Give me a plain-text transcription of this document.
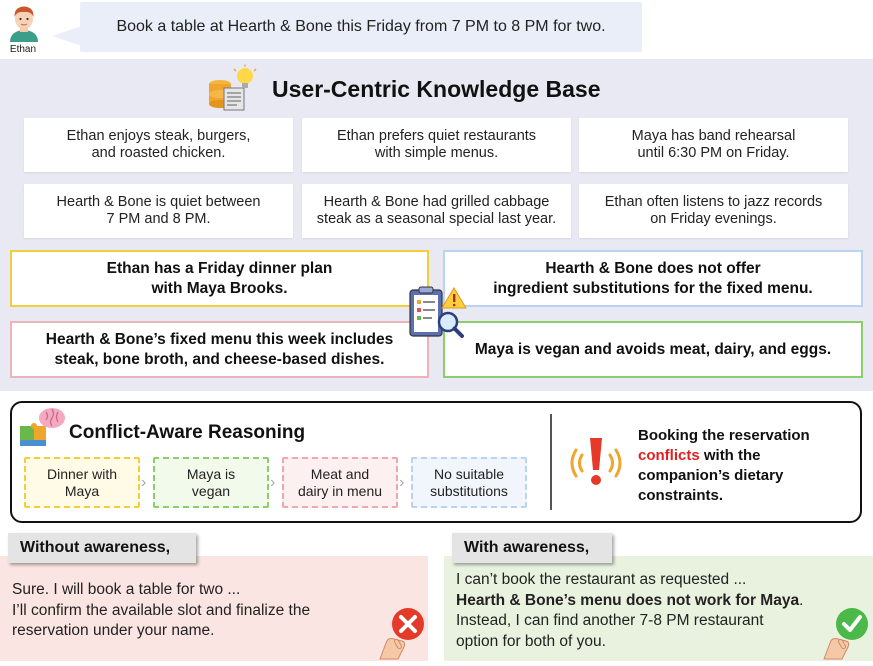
Ethan
Book a table at Hearth & Bone this Friday from 7 PM to 8 PM for two.
User-Centric Knowledge Base
Ethan enjoys steak, burgers,
and roasted chicken.
Ethan prefers quiet restaurants
with simple menus.
Maya has band rehearsal
until 6:30 PM on Friday.
Hearth & Bone is quiet between
7 PM and 8 PM.
Hearth & Bone had grilled cabbage
steak as a seasonal special last year.
Ethan often listens to jazz records
on Friday evenings.
Ethan has a Friday dinner plan
with Maya Brooks.
Hearth & Bone does not offer
ingredient substitutions for the fixed menu.
Hearth & Bone’s fixed menu this week includes
steak, bone broth, and cheese-based dishes.
Maya is vegan and avoids meat, dairy, and eggs.
Conflict-Aware Reasoning
Dinner with
Maya	›
Maya is
vegan	›
Meat and
dairy in menu ›
No suitable
substitutions
Booking the reservation
conflicts with the
companion’s dietary
constraints.
Without awareness,
Sure. I will book a table for two ...
I’ll confirm the available slot and finalize the
reservation under your name.
With awareness,
I can’t book the restaurant as requested ...
Hearth & Bone’s menu does not work for Maya.
Instead, I can find another 7-8 PM restaurant
option for both of you.
